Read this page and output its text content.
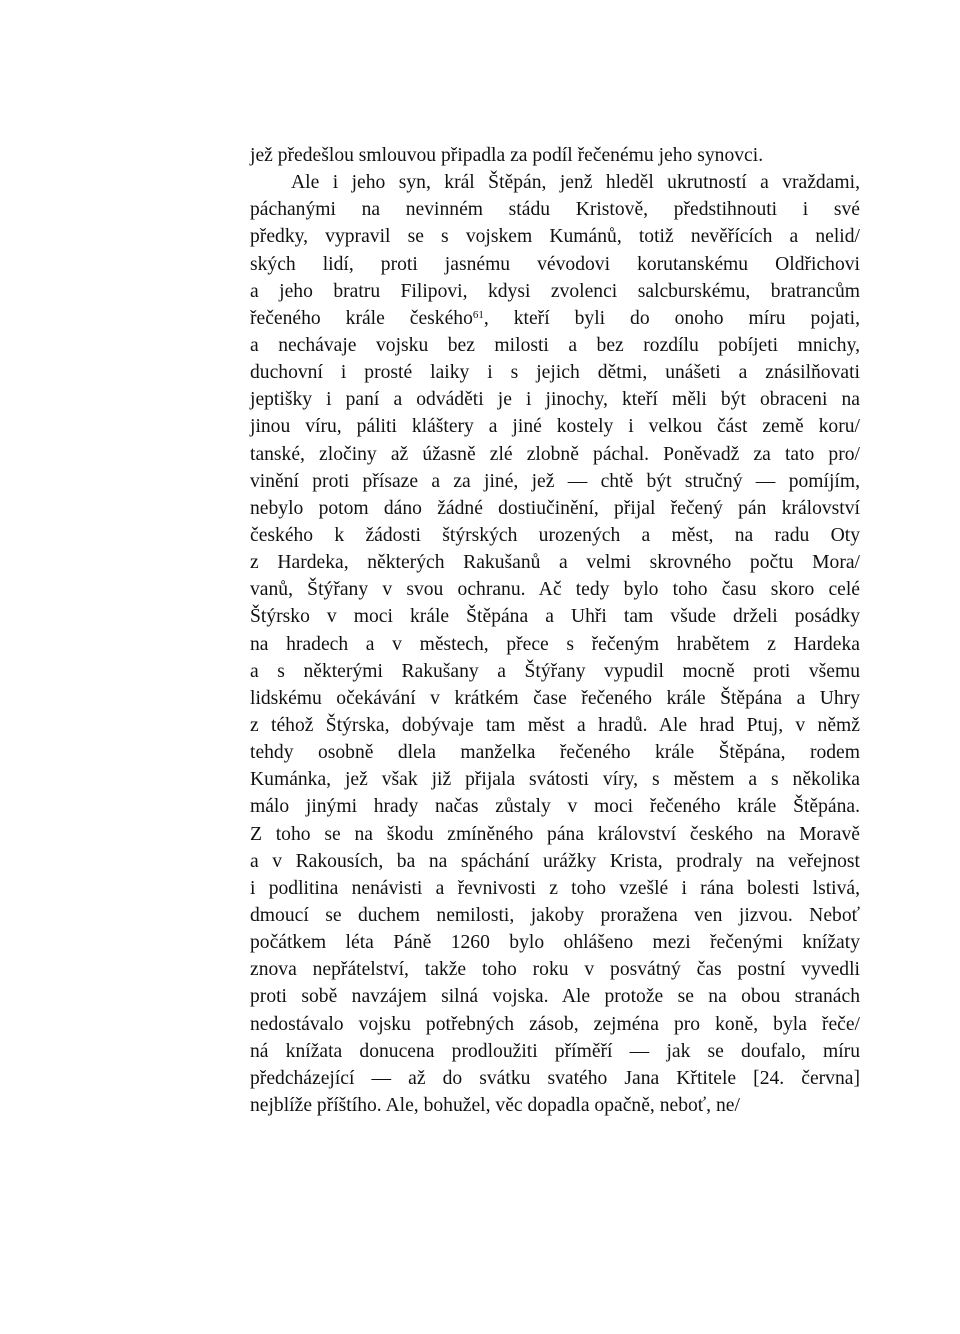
jež předešlou smlouvou připadla za podíl řečenému jeho synovci.
Ale i jeho syn, král Štěpán, jenž hleděl ukrutností a vraždami,
páchanými na nevinném stádu Kristově, předstihnouti i své
předky, vypravil se s vojskem Kumánů, totiž nevěřících a nelid/
ských lidí, proti jasnému vévodovi korutanskému Oldřichovi
a jeho bratru Filipovi, kdysi zvolenci salcburskému, bratrancům
řečeného krále českého$^{61}$, kteří byli do onoho míru pojati,
a nechávaje vojsku bez milosti a bez rozdílu pobíjeti mnichy,
duchovní i prosté laiky i s jejich dětmi, unášeti a znásilňovati
jeptišky i paní a odváděti je i jinochy, kteří měli být obraceni na
jinou víru, páliti kláštery a jiné kostely i velkou část země koru/
tanské, zločiny až úžasně zlé zlobně páchal. Poněvadž za tato pro/
vinění proti přísaze a za jiné, jež — chtě být stručný — pomíjím,
nebylo potom dáno žádné dostiučinění, přijal řečený pán království
českého k žádosti štýrských urozených a měst, na radu Oty
z Hardeka, některých Rakušanů a velmi skrovného počtu Mora/
vanů, Štýřany v svou ochranu. Ač tedy bylo toho času skoro celé
Štýrsko v moci krále Štěpána a Uhři tam všude drželi posádky
na hradech a v městech, přece s řečeným hrabětem z Hardeka
a s některými Rakušany a Štýřany vypudil mocně proti všemu
lidskému očekávání v krátkém čase řečeného krále Štěpána a Uhry
z téhož Štýrska, dobývaje tam měst a hradů. Ale hrad Ptuj, v němž
tehdy osobně dlela manželka řečeného krále Štěpána, rodem
Kumánka, jež však již přijala svátosti víry, s městem a s několika
málo jinými hrady načas zůstaly v moci řečeného krále Štěpána.
Z toho se na škodu zmíněného pána království českého na Moravě
a v Rakousích, ba na spáchání urážky Krista, prodraly na veřejnost
i podlitina nenávisti a řevnivosti z toho vzešlé i rána bolesti lstivá,
dmoucí se duchem nemilosti, jakoby proražena ven jizvou. Neboť
počátkem léta Páně 1260 bylo ohlášeno mezi řečenými knížaty
znova nepřátelství, takže toho roku v posvátný čas postní vyvedli
proti sobě navzájem silná vojska. Ale protože se na obou stranách
nedostávalo vojsku potřebných zásob, zejména pro koně, byla řeče/
ná knížata donucena prodloužiti příměří — jak se doufalo, míru
předcházející — až do svátku svatého Jana Křtitele [24. června]
nejblíže příštího. Ale, bohužel, věc dopadla opačně, neboť, ne/
